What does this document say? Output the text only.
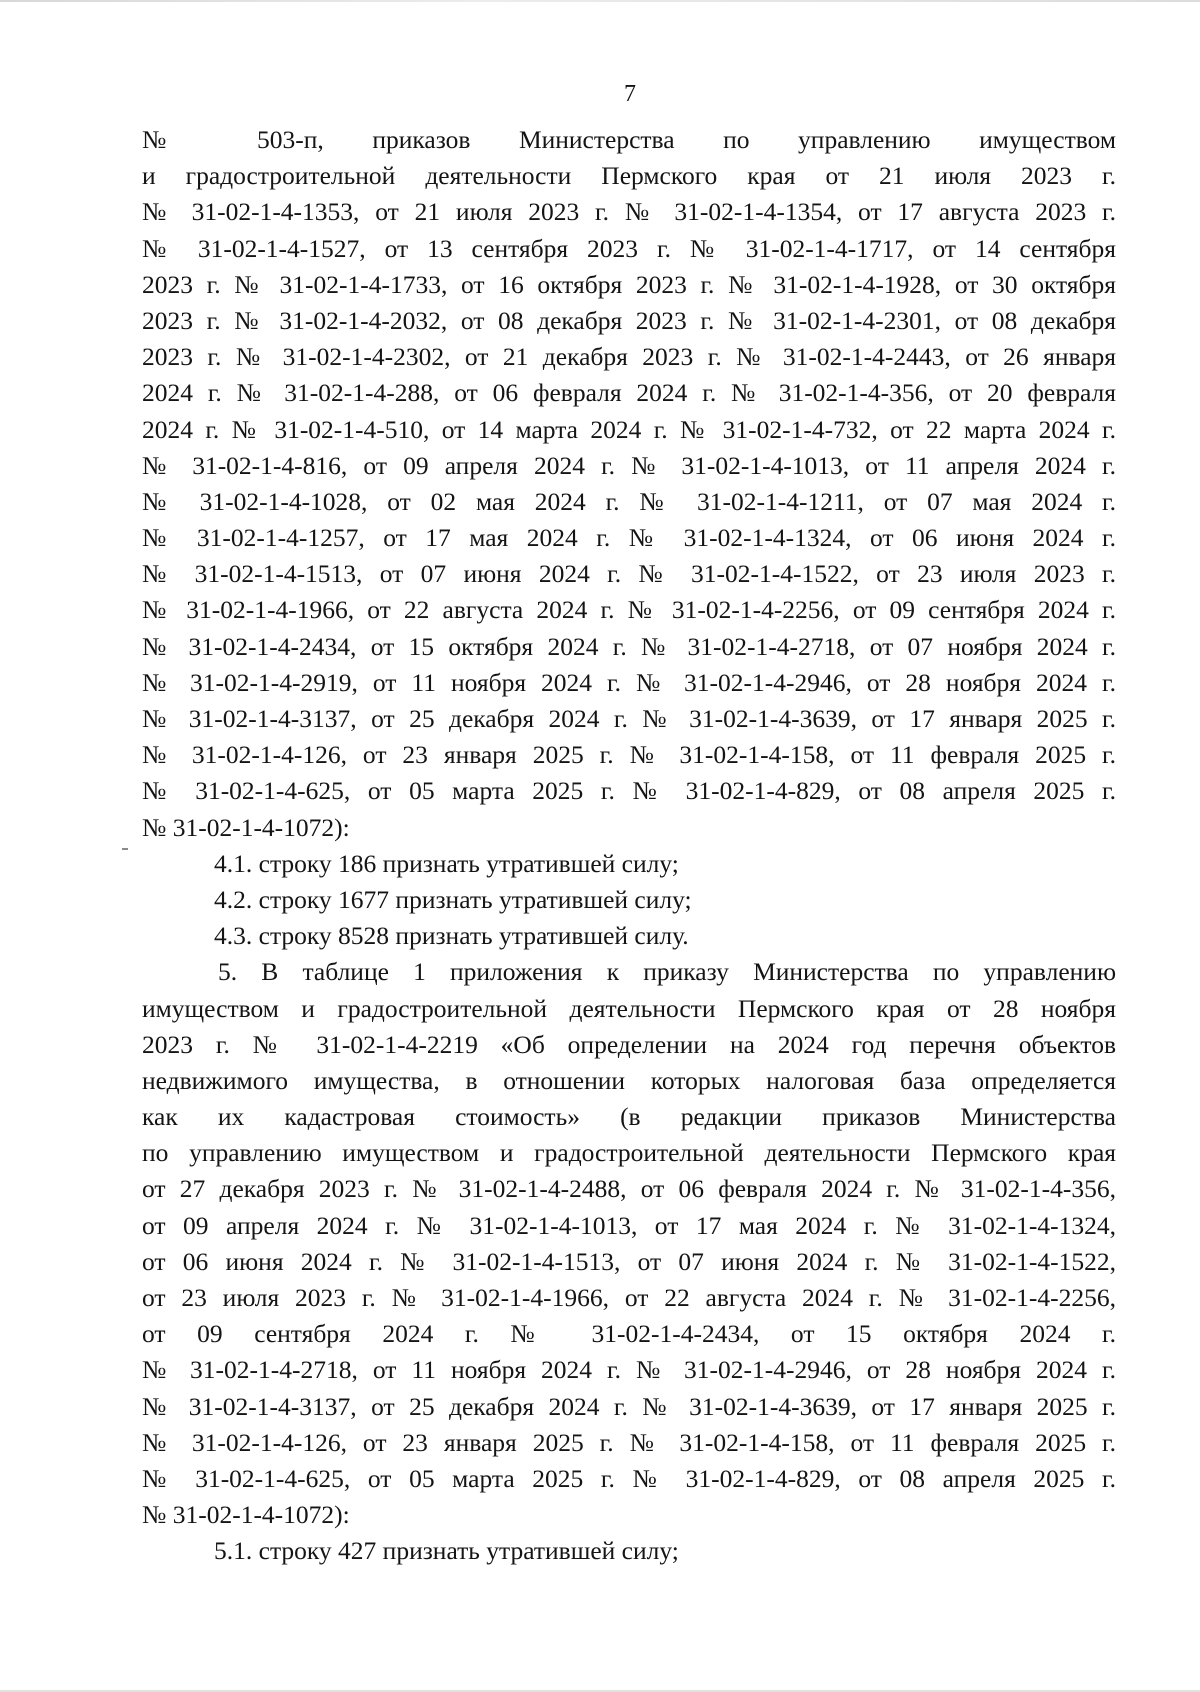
7
№ 503-п, приказов Министерства по управлению имуществом
и градостроительной деятельности Пермского края от 21 июля 2023 г.
№ 31-02-1-4-1353, от 21 июля 2023 г. № 31-02-1-4-1354, от 17 августа 2023 г.
№ 31-02-1-4-1527, от 13 сентября 2023 г. № 31-02-1-4-1717, от 14 сентября
2023 г. № 31-02-1-4-1733, от 16 октября 2023 г. № 31-02-1-4-1928, от 30 октября
2023 г. № 31-02-1-4-2032, от 08 декабря 2023 г. № 31-02-1-4-2301, от 08 декабря
2023 г. № 31-02-1-4-2302, от 21 декабря 2023 г. № 31-02-1-4-2443, от 26 января
2024 г. № 31-02-1-4-288, от 06 февраля 2024 г. № 31-02-1-4-356, от 20 февраля
2024 г. № 31-02-1-4-510, от 14 марта 2024 г. № 31-02-1-4-732, от 22 марта 2024 г.
№ 31-02-1-4-816, от 09 апреля 2024 г. № 31-02-1-4-1013, от 11 апреля 2024 г.
№ 31-02-1-4-1028, от 02 мая 2024 г. № 31-02-1-4-1211, от 07 мая 2024 г.
№ 31-02-1-4-1257, от 17 мая 2024 г. № 31-02-1-4-1324, от 06 июня 2024 г.
№ 31-02-1-4-1513, от 07 июня 2024 г. № 31-02-1-4-1522, от 23 июля 2023 г.
№ 31-02-1-4-1966, от 22 августа 2024 г. № 31-02-1-4-2256, от 09 сентября 2024 г.
№ 31-02-1-4-2434, от 15 октября 2024 г. № 31-02-1-4-2718, от 07 ноября 2024 г.
№ 31-02-1-4-2919, от 11 ноября 2024 г. № 31-02-1-4-2946, от 28 ноября 2024 г.
№ 31-02-1-4-3137, от 25 декабря 2024 г. № 31-02-1-4-3639, от 17 января 2025 г.
№ 31-02-1-4-126, от 23 января 2025 г. № 31-02-1-4-158, от 11 февраля 2025 г.
№ 31-02-1-4-625, от 05 марта 2025 г. № 31-02-1-4-829, от 08 апреля 2025 г.
№ 31-02-1-4-1072):
4.1. строку 186 признать утратившей силу;
4.2. строку 1677 признать утратившей силу;
4.3. строку 8528 признать утратившей силу.
5. В таблице 1 приложения к приказу Министерства по управлению
имуществом и градостроительной деятельности Пермского края от 28 ноября
2023 г. № 31-02-1-4-2219 «Об определении на 2024 год перечня объектов
недвижимого имущества, в отношении которых налоговая база определяется
как их кадастровая стоимость» (в редакции приказов Министерства
по управлению имуществом и градостроительной деятельности Пермского края
от 27 декабря 2023 г. № 31-02-1-4-2488, от 06 февраля 2024 г. № 31-02-1-4-356,
от 09 апреля 2024 г. № 31-02-1-4-1013, от 17 мая 2024 г. № 31-02-1-4-1324,
от 06 июня 2024 г. № 31-02-1-4-1513, от 07 июня 2024 г. № 31-02-1-4-1522,
от 23 июля 2023 г. № 31-02-1-4-1966, от 22 августа 2024 г. № 31-02-1-4-2256,
от 09 сентября 2024 г. № 31-02-1-4-2434, от 15 октября 2024 г.
№ 31-02-1-4-2718, от 11 ноября 2024 г. № 31-02-1-4-2946, от 28 ноября 2024 г.
№ 31-02-1-4-3137, от 25 декабря 2024 г. № 31-02-1-4-3639, от 17 января 2025 г.
№ 31-02-1-4-126, от 23 января 2025 г. № 31-02-1-4-158, от 11 февраля 2025 г.
№ 31-02-1-4-625, от 05 марта 2025 г. № 31-02-1-4-829, от 08 апреля 2025 г.
№ 31-02-1-4-1072):
5.1. строку 427 признать утратившей силу;
